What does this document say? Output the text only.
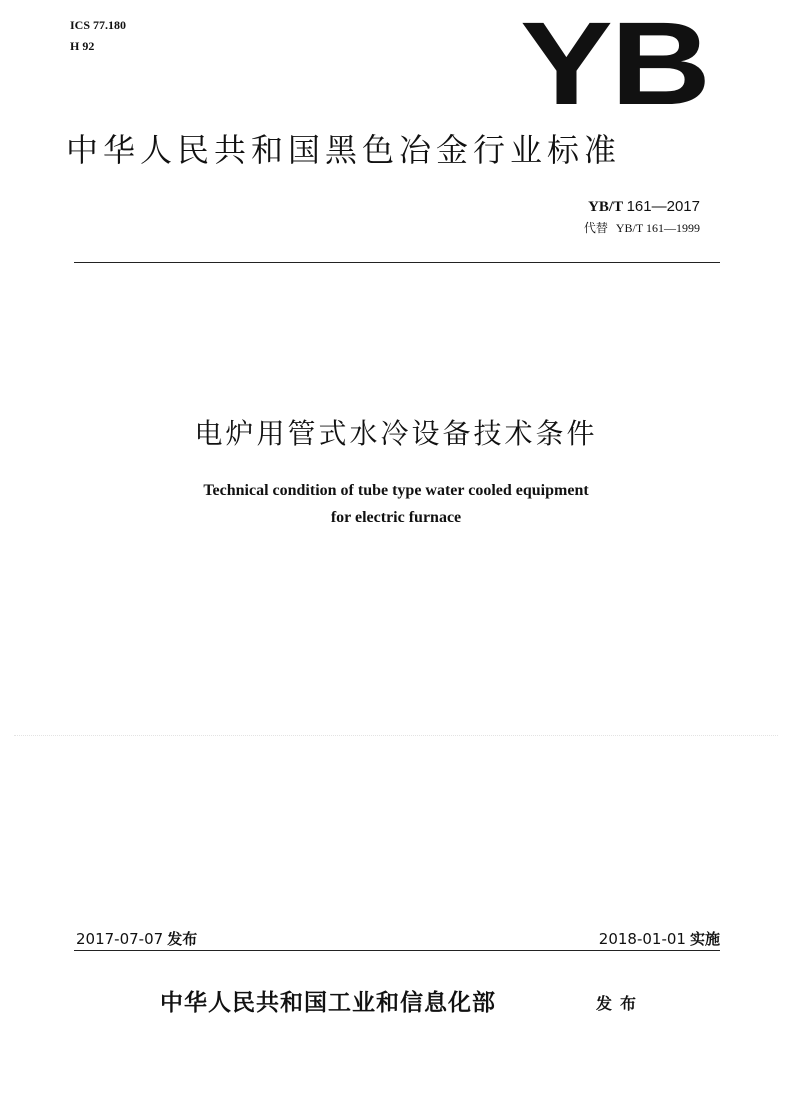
ICS 77.180
H 92	YB
中华人民共和国黑色冶金行业标准
YB/T 161—2017
代替 YB/T 161—1999
电炉用管式水冷设备技术条件
Technical condition of tube type water cooled equipment
for electric furnace
2017-07-07 发布	2018-01-01 实施
中华人民共和国工业和信息化部	发布
